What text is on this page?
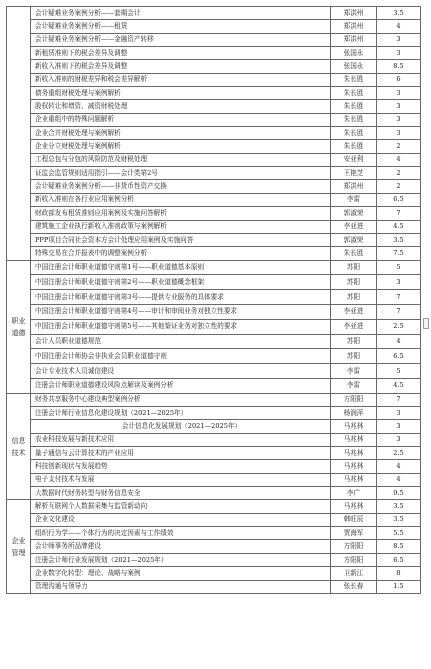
	会计疑难业务案例分析——套期会计	郑洪州	3.5
	会计疑难业务案例分析——租赁	郑洪州	4
	会计疑难业务案例分析——金融资产转移	郑洪州	3
	新租赁准则下的税会差异及调整	张国永	3
	新收入准则下的税会差异及调整	张国永	8.5
	新收入准则的财税差异和税会差异解析	朱长胜	6
	债务重组财税处理与案例解析	朱长胜	3
	股权转让和增资、减资财税处理	朱长胜	3
	企业重组中的特殊问题解析	朱长胜	3
	企业合并财税处理与案例解析	朱长胜	3
	企业分立财税处理与案例解析	朱长胜	2
	工程总包与分包的风险防范及财税处理	安亚利	4
	证监会监管规则适用指引——会计类第2号	王艳芝	2
	会计疑难业务案例分析——非货币性资产交换	郑洪州	2
	新收入准则在各行业应用案例分析	李雷	6.5
	财政部发布租赁准则应用案例及实施问答解析	郭淑荣	7
	建筑施工企业执行新收入准则政策与案例解析	李亚进	4.5
	PPP项目合同社会资本方会计处理应用案例及实施问答	郭淑荣	3.5
	特殊交易在合并报表中的调整案例分析	朱长胜	7.5
职业道德	中国注册会计师职业道德守则第1号——职业道德基本原则	苏阳	5
	中国注册会计师职业道德守则第2号——职业道德概念框架	苏阳	3
	中国注册会计师职业道德守则第3号——提供专业服务的具体要求	苏阳	7
	中国注册会计师职业道德守则第4号——审计和审阅业务对独立性要求	李亚进	7
	中国注册会计师职业道德守则第5号——其他鉴证业务对独立性的要求	李亚进	2.5
	会计人员职业道德规范	苏阳	4
	中国注册会计师协会非执业会员职业道德守则	苏阳	6.5
	会计专业技术人员诚信建设	李雷	5
	注册会计师职业道德建设风险点解读及案例分析	李雷	4.5
信息技术	财务共享服务中心建设典型案例分析	方阳阳	7
	注册会计师行业信息化建设规划（2021—2025年）	杨润萍	3
	会计信息化发展规划（2021—2025年）	马兆林	3
	农业科技发展与新技术应用	马兆林	3
	量子通信与云计算技术的产业应用	马兆林	2.5
	科技创新现状与发展趋势	马兆林	4
	电子支付技术与发展	马兆林	4
	大数据时代财务转型与财务信息安全	李广	9.5
企业管理	解析互联网个人数据采集与监管新动向	马兆林	3.5
	企业文化建设	韩旺辰	3.5
	组织行为学——个体行为的决定因素与工作绩效	贾海军	5.5
	会计师事务所品牌建设	方阳阳	8.5
	注册会计师行业发展规划（2021—2025年）	方阳阳	6.5
	企业数字化转型：理论、战略与案例	卫新江	8
	管理沟通与领导力	张长春	1.5
